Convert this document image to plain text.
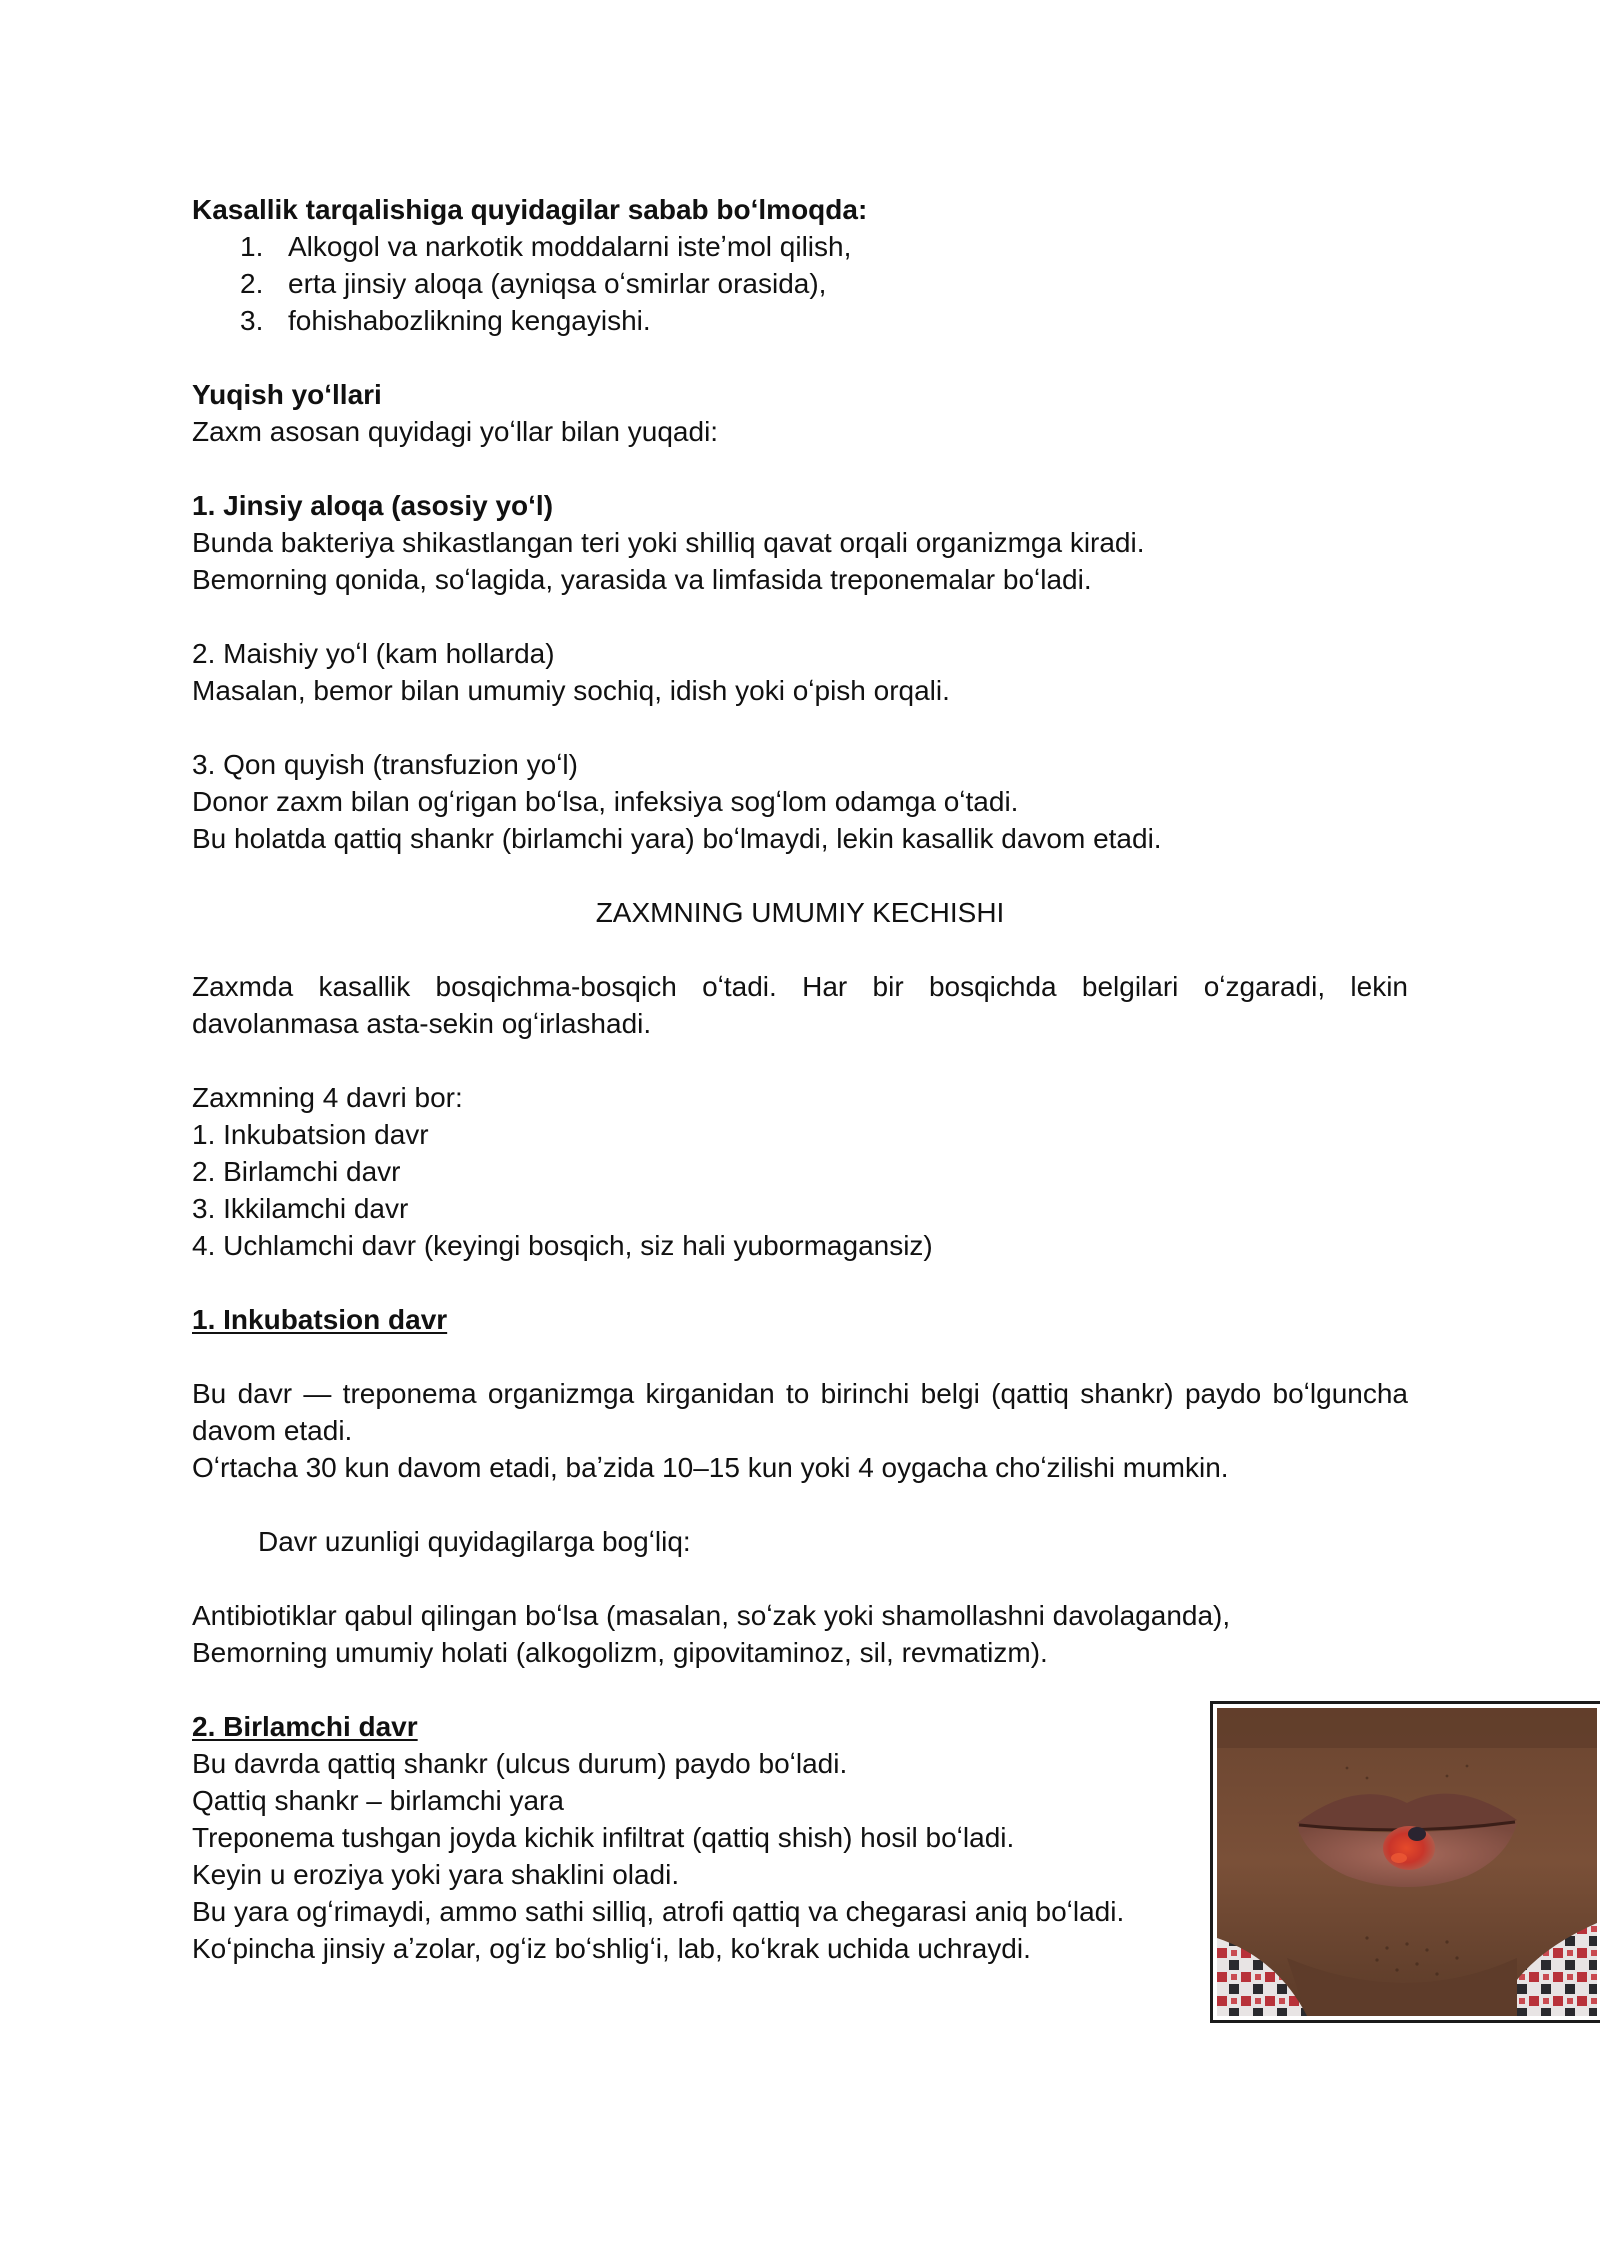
Kasallik tarqalishiga quyidagilar sabab boʻlmoqda:

1. Alkogol va narkotik moddalarni isteʼmol qilish,
2. erta jinsiy aloqa (ayniqsa oʻsmirlar orasida),
3. fohishabozlikning kengayishi.

Yuqish yoʻllari

Zaxm asosan quyidagi yoʻllar bilan yuqadi:

1. Jinsiy aloqa (asosiy yoʻl)

Bunda bakteriya shikastlangan teri yoki shilliq qavat orqali organizmga kiradi.

Bemorning qonida, soʻlagida, yarasida va limfasida treponemalar boʻladi.

2. Maishiy yoʻl (kam hollarda)

Masalan, bemor bilan umumiy sochiq, idish yoki oʻpish orqali.

3. Qon quyish (transfuzion yoʻl)

Donor zaxm bilan ogʻrigan boʻlsa, infeksiya sogʻlom odamga oʻtadi.

Bu holatda qattiq shankr (birlamchi yara) boʻlmaydi, lekin kasallik davom etadi.

ZAXMNING UMUMIY KECHISHI

Zaxmda kasallik bosqichma-bosqich oʻtadi. Har bir bosqichda belgilari oʻzgaradi, lekin davolanmasa asta-sekin ogʻirlashadi.

Zaxmning 4 davri bor:

1. Inkubatsion davr

2. Birlamchi davr

3. Ikkilamchi davr

4. Uchlamchi davr (keyingi bosqich, siz hali yubormagansiz)

1. Inkubatsion davr

Bu davr — treponema organizmga kirganidan to birinchi belgi (qattiq shankr) paydo boʻlguncha davom etadi.

Oʻrtacha 30 kun davom etadi, baʼzida 10–15 kun yoki 4 oygacha choʻzilishi mumkin.

Davr uzunligi quyidagilarga bogʻliq:

Antibiotiklar qabul qilingan boʻlsa (masalan, soʻzak yoki shamollashni davolaganda),

Bemorning umumiy holati (alkogolizm, gipovitaminoz, sil, revmatizm).

2. Birlamchi davr

Bu davrda qattiq shankr (ulcus durum) paydo boʻladi.

Qattiq shankr – birlamchi yara

Treponema tushgan joyda kichik infiltrat (qattiq shish) hosil boʻladi.

Keyin u eroziya yoki yara shaklini oladi.

Bu yara ogʻrimaydi, ammo sathi silliq, atrofi qattiq va chegarasi aniq boʻladi.

Koʻpincha jinsiy aʼzolar, ogʻiz boʻshligʻi, lab, koʻkrak uchida uchraydi.
